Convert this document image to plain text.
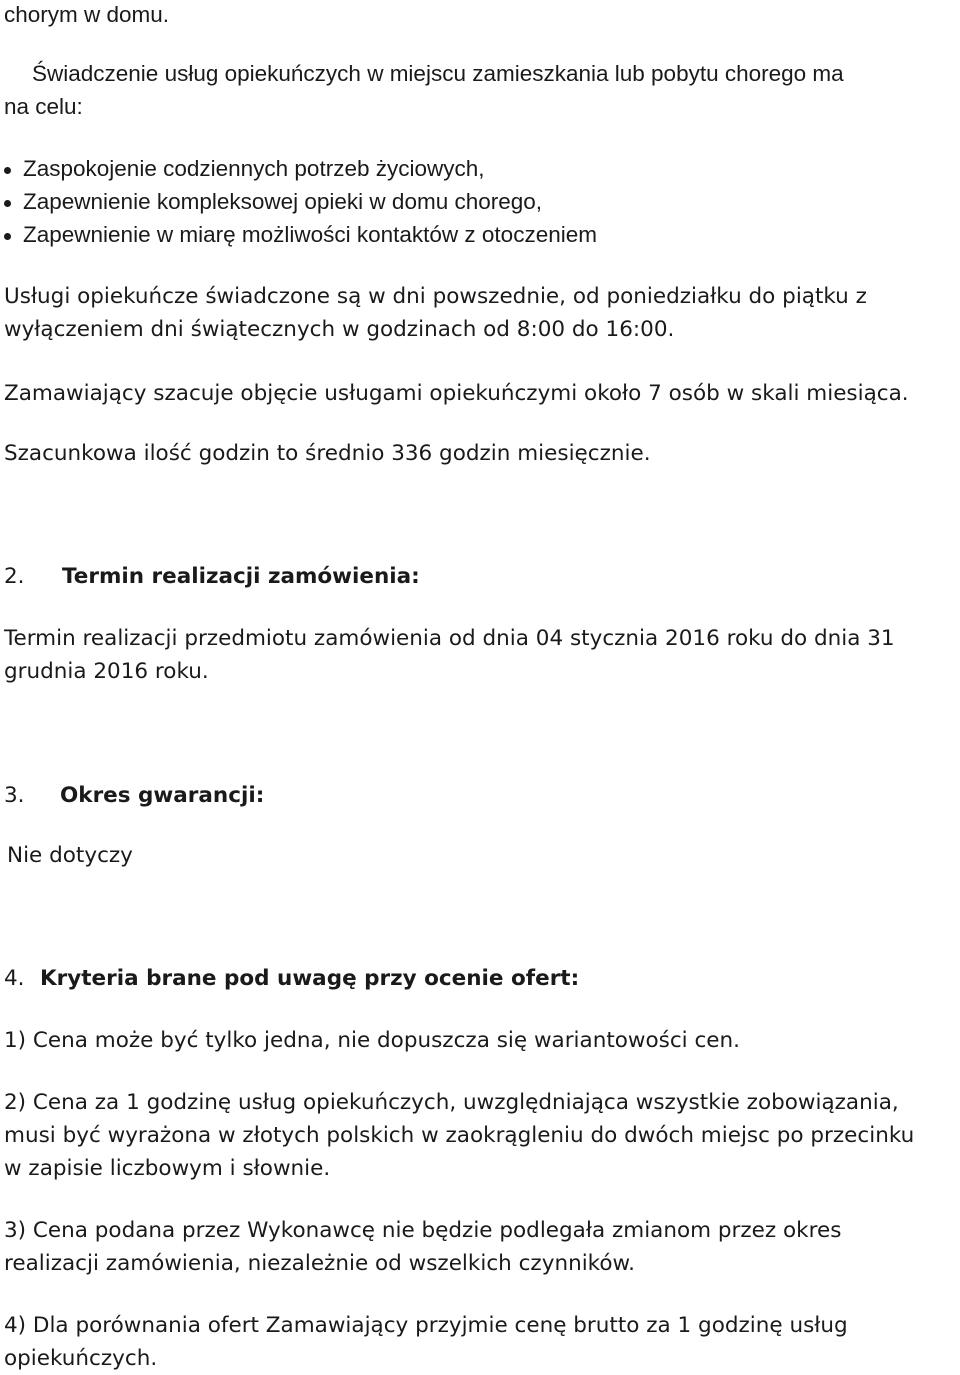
chorym w domu.
Świadczenie usług opiekuńczych w miejscu zamieszkania lub pobytu chorego ma
na celu:
Zaspokojenie codziennych potrzeb życiowych,
Zapewnienie kompleksowej opieki w domu chorego,
Zapewnienie w miarę możliwości kontaktów z otoczeniem
Usługi opiekuńcze świadczone są w dni powszednie, od poniedziałku do piątku z
wyłączeniem dni świątecznych w godzinach od 8:00 do 16:00.
Zamawiający szacuje objęcie usługami opiekuńczymi około 7 osób w skali miesiąca.
Szacunkowa ilość godzin to średnio 336 godzin miesięcznie.
2. Termin realizacji zamówienia:
Termin realizacji przedmiotu zamówienia od dnia 04 stycznia 2016 roku do dnia 31
grudnia 2016 roku.
3. Okres gwarancji:
Nie dotyczy
4. Kryteria brane pod uwagę przy ocenie ofert:
1) Cena może być tylko jedna, nie dopuszcza się wariantowości cen.
2) Cena za 1 godzinę usług opiekuńczych, uwzględniająca wszystkie zobowiązania,
musi być wyrażona w złotych polskich w zaokrągleniu do dwóch miejsc po przecinku
w zapisie liczbowym i słownie.
3) Cena podana przez Wykonawcę nie będzie podlegała zmianom przez okres
realizacji zamówienia, niezależnie od wszelkich czynników.
4) Dla porównania ofert Zamawiający przyjmie cenę brutto za 1 godzinę usług
opiekuńczych.
